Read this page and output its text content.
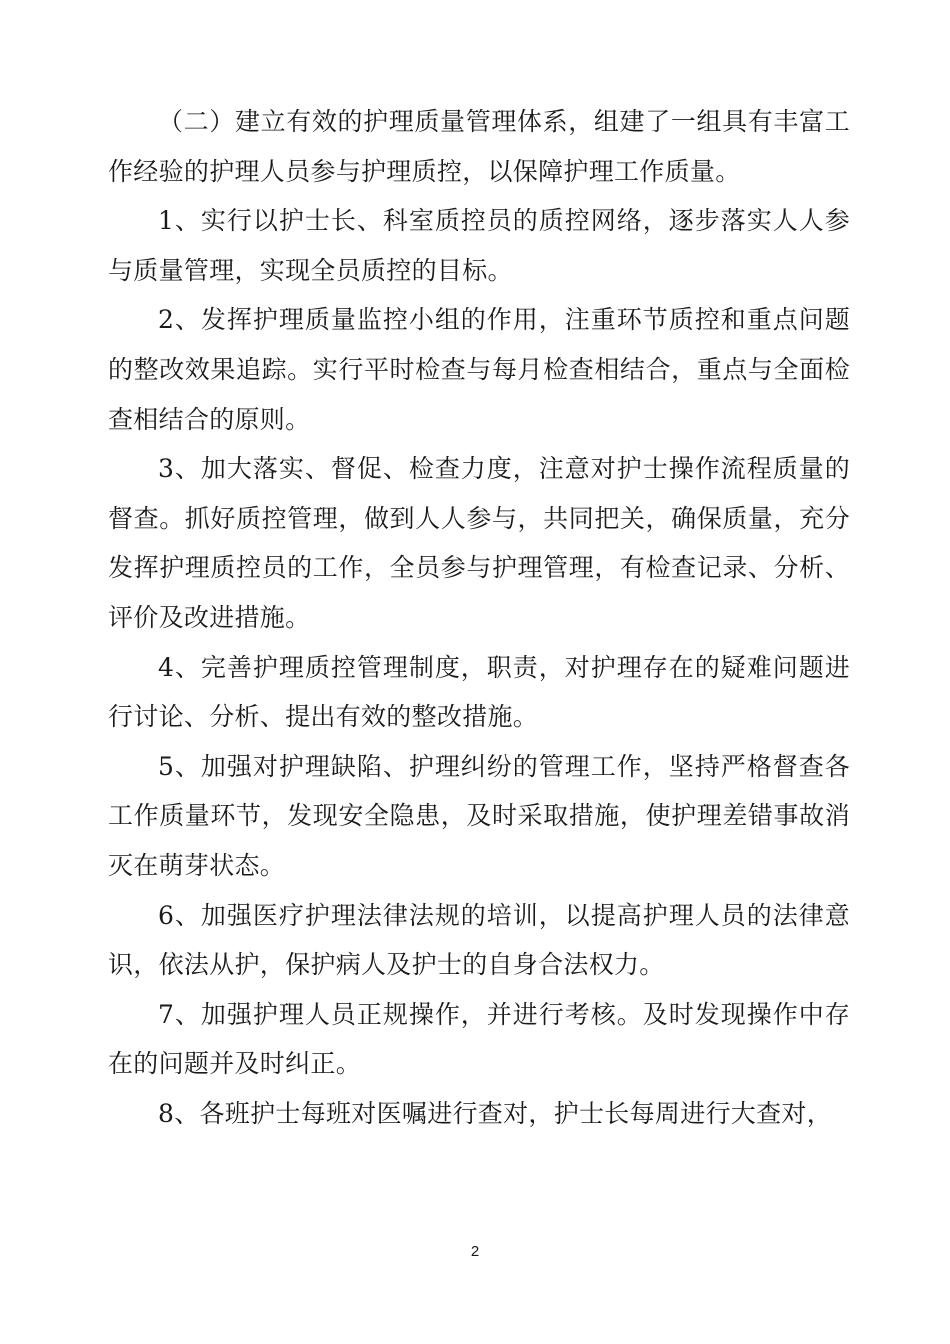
（二）建立有效的护理质量管理体系，组建了一组具有丰富工作经验的护理人员参与护理质控，以保障护理工作质量。

1、实行以护士长、科室质控员的质控网络，逐步落实人人参与质量管理，实现全员质控的目标。

2、发挥护理质量监控小组的作用，注重环节质控和重点问题的整改效果追踪。实行平时检查与每月检查相结合，重点与全面检查相结合的原则。

3、加大落实、督促、检查力度，注意对护士操作流程质量的督查。抓好质控管理，做到人人参与，共同把关，确保质量，充分发挥护理质控员的工作，全员参与护理管理，有检查记录、分析、评价及改进措施。

4、完善护理质控管理制度，职责，对护理存在的疑难问题进行讨论、分析、提出有效的整改措施。

5、加强对护理缺陷、护理纠纷的管理工作，坚持严格督查各工作质量环节，发现安全隐患，及时采取措施，使护理差错事故消灭在萌芽状态。

6、加强医疗护理法律法规的培训，以提高护理人员的法律意识，依法从护，保护病人及护士的自身合法权力。

7、加强护理人员正规操作，并进行考核。及时发现操作中存在的问题并及时纠正。

8、各班护士每班对医嘱进行查对，护士长每周进行大查对，

2
